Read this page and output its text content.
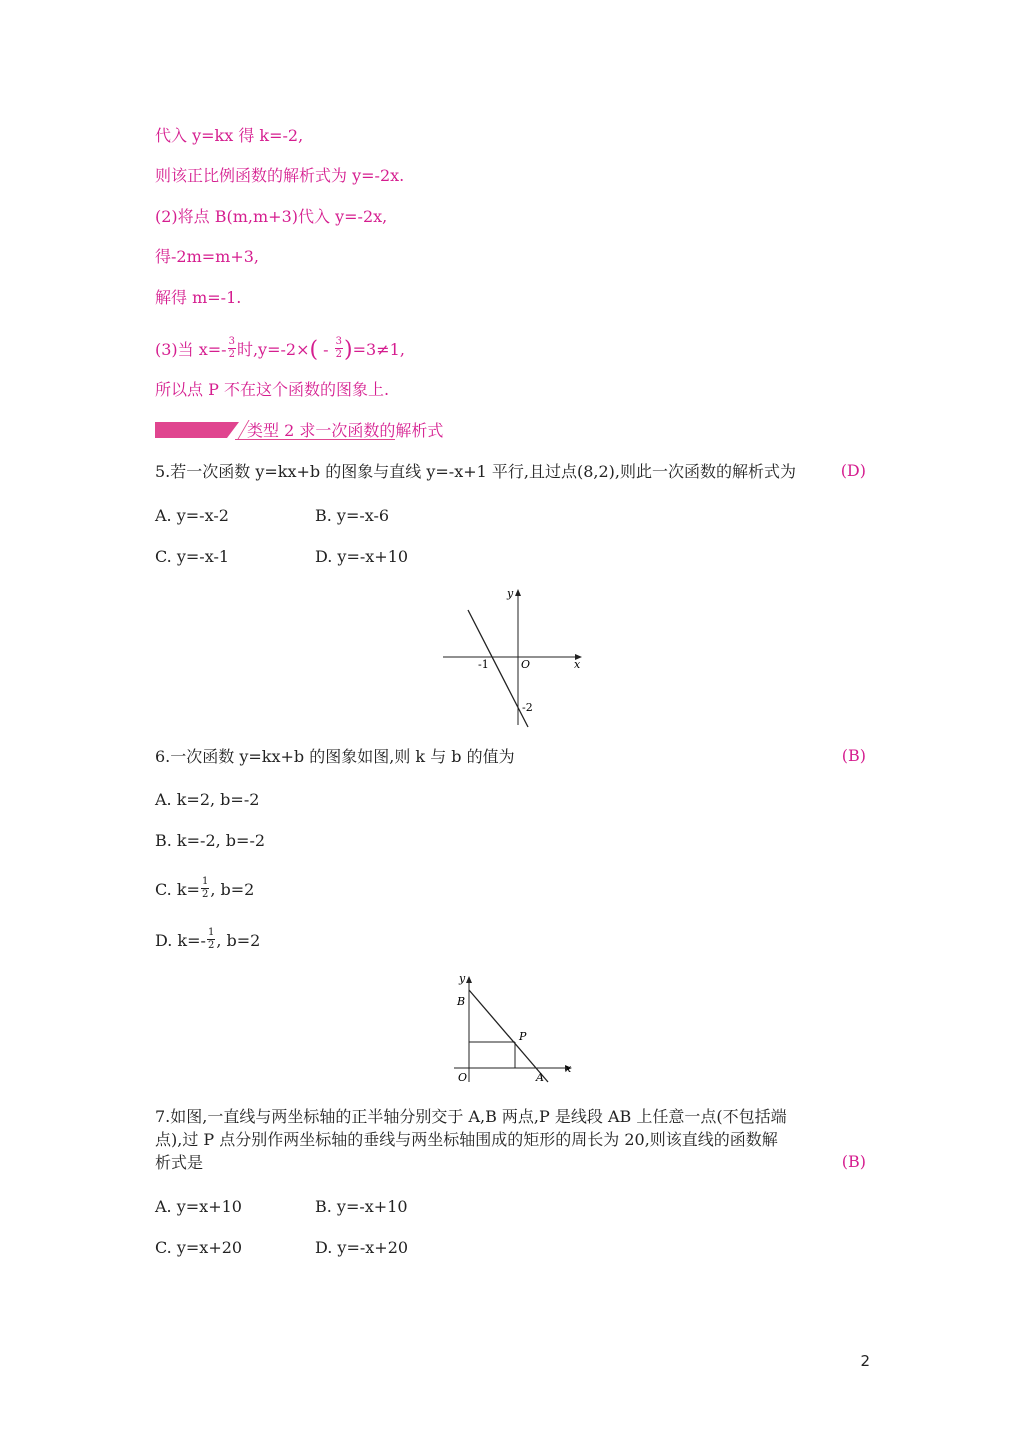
代入 y=kx 得 k=-2,
则该正比例函数的解析式为 y=-2x.
(2)将点 B(m,m+3)代入 y=-2x,
得-2m=m+3,
解得 m=-1.
(3)当 $x=- \frac{3}{2}$ 时$,y=-2\times( - \frac{3}{2} )=3\ne 1$,
所以点 P 不在这个函数的图象上.
类型 2 求一次函数的解析式
5.若一次函数 y=kx+b 的图象与直线 y=-x+1 平行,且过点(8,2),则此一次函数的解析式为	(D)
A. y=-x-2	B. y=-x-6
C. y=-x-1	D. y=-x+10
y
x
O
-1
-2
6.一次函数 y=kx+b 的图象如图,则 k 与 b 的值为	(B)
A. k=2, b=-2
B. k=-2, b=-2
C. $k= \frac{1}{2}$ , b=2
D. $k=- \frac{1}{2}$ , b=2
y
x
O
B
P
A
7.如图,一直线与两坐标轴的正半轴分别交于 A,B 两点,P 是线段 AB 上任意一点(不包括端
点),过 P 点分别作两坐标轴的垂线与两坐标轴围成的矩形的周长为 20,则该直线的函数解
析式是	(B)
A. y=x+10	B. y=-x+10
C. y=x+20	D. y=-x+20
2
